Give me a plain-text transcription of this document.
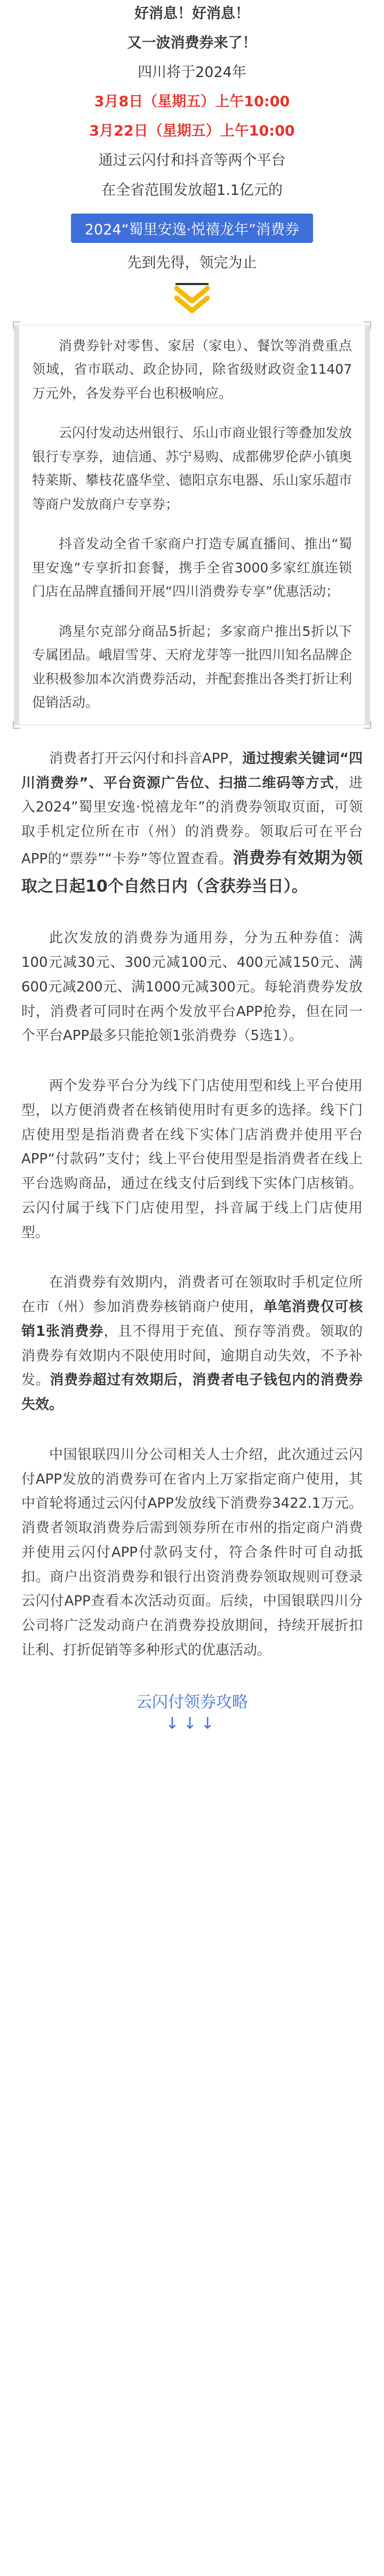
好消息！好消息！

又一波消费券来了！

四川将于2024年

3月8日（星期五）上午10:00

3月22日（星期五）上午10:00

通过云闪付和抖音等两个平台

在全省范围发放超1.1亿元的

2024“蜀里安逸·悦禧龙年”消费券

先到先得，领完为止

消费券针对零售、家居（家电）、餐饮等消费重点领域，省市联动、政企协同，除省级财政资金11407万元外，各发券平台也积极响应。

云闪付发动达州银行、乐山市商业银行等叠加发放银行专享券，迪信通、苏宁易购、成都佛罗伦萨小镇奥特莱斯、攀枝花盛华堂、德阳京东电器、乐山家乐超市等商户发放商户专享券；

抖音发动全省千家商户打造专属直播间、推出“蜀里安逸”专享折扣套餐，携手全省3000多家红旗连锁门店在品牌直播间开展“四川消费券专享”优惠活动；

鸿星尔克部分商品5折起；多家商户推出5折以下专属团品。峨眉雪芽、天府龙芽等一批四川知名品牌企业积极参加本次消费券活动，并配套推出各类打折让利促销活动。

消费者打开云闪付和抖音APP，通过搜索关键词“四川消费券”、平台资源广告位、扫描二维码等方式，进入2024”蜀里安逸·悦禧龙年”的消费券领取页面，可领取手机定位所在市（州）的消费券。领取后可在平台APP的“票券”“卡券”等位置查看。消费券有效期为领取之日起10个自然日内（含获券当日）。

此次发放的消费券为通用券，分为五种券值：满100元减30元、300元减100元、400元减150元、满600元减200元、满1000元减300元。每轮消费券发放时，消费者可同时在两个发放平台APP抢券，但在同一个平台APP最多只能抢领1张消费券（5选1）。

两个发券平台分为线下门店使用型和线上平台使用型，以方便消费者在核销使用时有更多的选择。线下门店使用型是指消费者在线下实体门店消费并使用平台APP“付款码”支付；线上平台使用型是指消费者在线上平台选购商品，通过在线支付后到线下实体门店核销。云闪付属于线下门店使用型，抖音属于线上门店使用型。

在消费券有效期内，消费者可在领取时手机定位所在市（州）参加消费券核销商户使用，单笔消费仅可核销1张消费券，且不得用于充值、预存等消费。领取的消费券有效期内不限使用时间，逾期自动失效，不予补发。消费券超过有效期后，消费者电子钱包内的消费券失效。

中国银联四川分公司相关人士介绍，此次通过云闪付APP发放的消费券可在省内上万家指定商户使用，其中首轮将通过云闪付APP发放线下消费券3422.1万元。消费者领取消费券后需到领券所在市州的指定商户消费并使用云闪付APP付款码支付，符合条件时可自动抵扣。商户出资消费券和银行出资消费券领取规则可登录云闪付APP查看本次活动页面。后续，中国银联四川分公司将广泛发动商户在消费券投放期间，持续开展折扣让利、打折促销等多种形式的优惠活动。

云闪付领券攻略
↓↓↓
